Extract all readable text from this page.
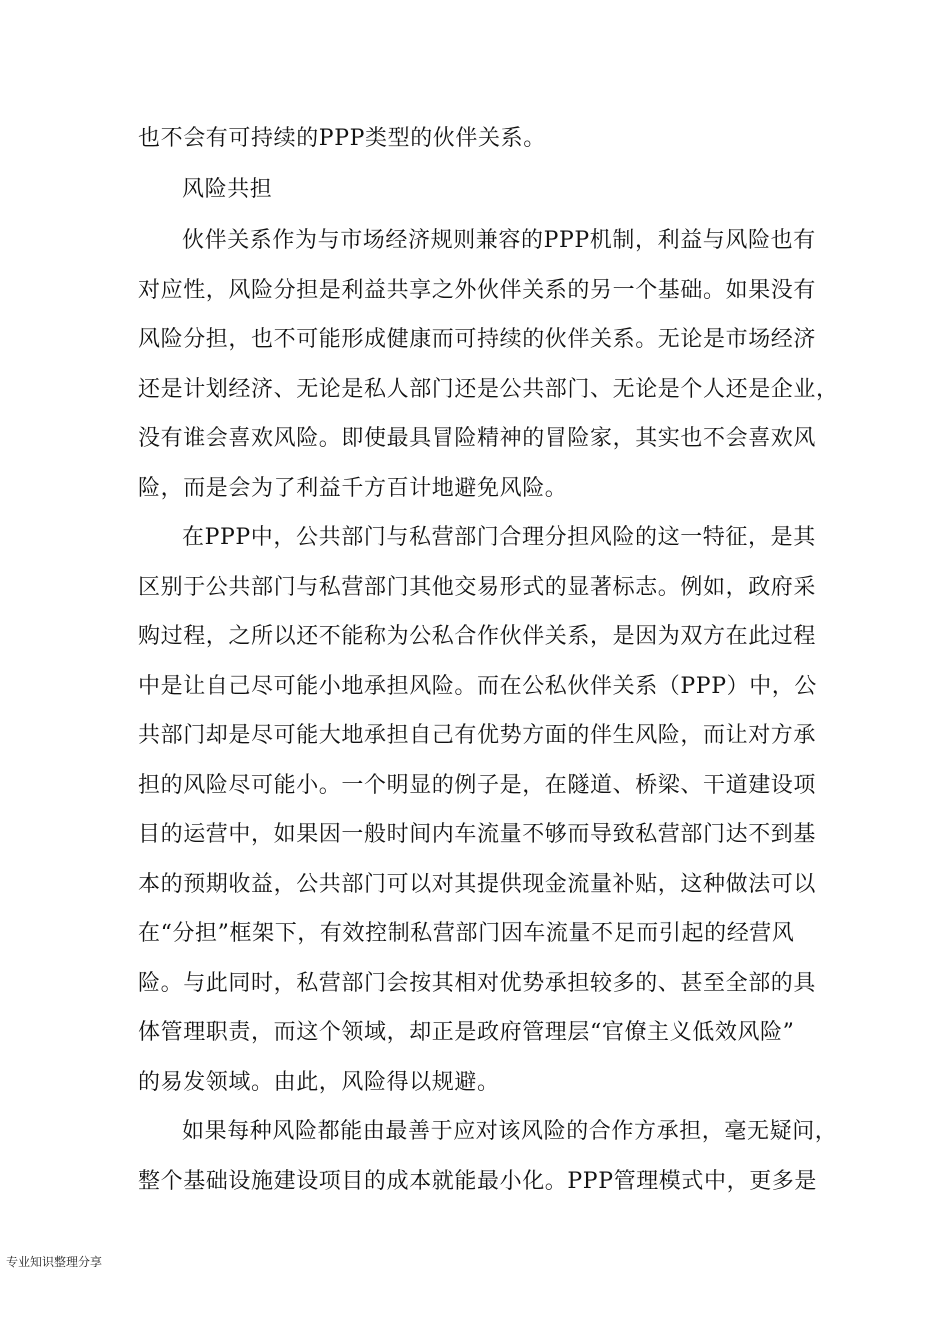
也不会有可持续的PPP类型的伙伴关系。
风险共担
伙伴关系作为与市场经济规则兼容的PPP机制，利益与风险也有
对应性，风险分担是利益共享之外伙伴关系的另一个基础。如果没有
风险分担，也不可能形成健康而可持续的伙伴关系。无论是市场经济
还是计划经济、无论是私人部门还是公共部门、无论是个人还是企业，
没有谁会喜欢风险。即使最具冒险精神的冒险家，其实也不会喜欢风
险，而是会为了利益千方百计地避免风险。
在PPP中，公共部门与私营部门合理分担风险的这一特征，是其
区别于公共部门与私营部门其他交易形式的显著标志。例如，政府采
购过程，之所以还不能称为公私合作伙伴关系，是因为双方在此过程
中是让自己尽可能小地承担风险。而在公私伙伴关系（PPP）中，公
共部门却是尽可能大地承担自己有优势方面的伴生风险，而让对方承
担的风险尽可能小。一个明显的例子是，在隧道、桥梁、干道建设项
目的运营中，如果因一般时间内车流量不够而导致私营部门达不到基
本的预期收益，公共部门可以对其提供现金流量补贴，这种做法可以
在“分担”框架下，有效控制私营部门因车流量不足而引起的经营风
险。与此同时，私营部门会按其相对优势承担较多的、甚至全部的具
体管理职责，而这个领域，却正是政府管理层“官僚主义低效风险”
的易发领域。由此，风险得以规避。
如果每种风险都能由最善于应对该风险的合作方承担，毫无疑问，
整个基础设施建设项目的成本就能最小化。PPP管理模式中，更多是
专业知识整理分享
